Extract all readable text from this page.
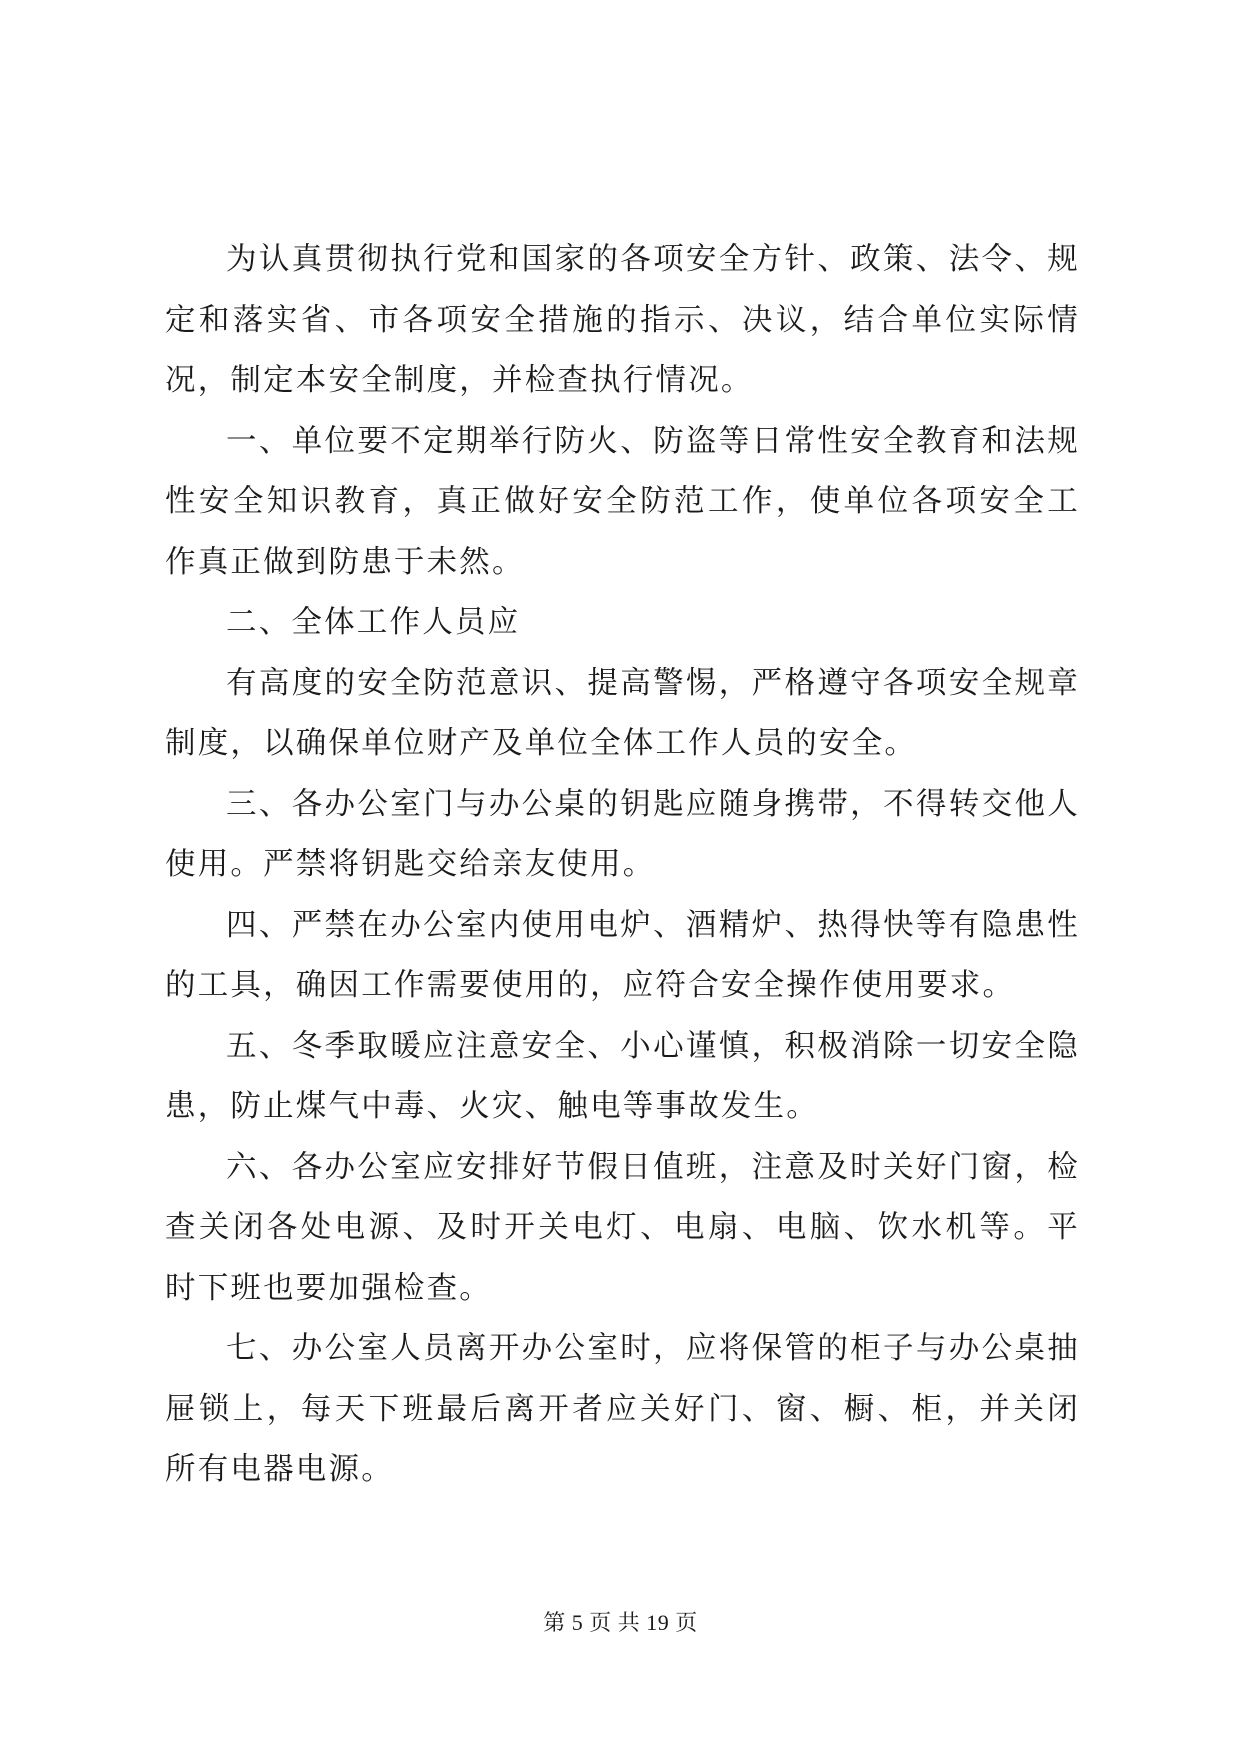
为认真贯彻执行党和国家的各项安全方针、政策、法令、规定和落实省、市各项安全措施的指示、决议，结合单位实际情况，制定本安全制度，并检查执行情况。

一、单位要不定期举行防火、防盗等日常性安全教育和法规性安全知识教育，真正做好安全防范工作，使单位各项安全工作真正做到防患于未然。

二、全体工作人员应

有高度的安全防范意识、提高警惕，严格遵守各项安全规章制度，以确保单位财产及单位全体工作人员的安全。

三、各办公室门与办公桌的钥匙应随身携带，不得转交他人使用。严禁将钥匙交给亲友使用。

四、严禁在办公室内使用电炉、酒精炉、热得快等有隐患性的工具，确因工作需要使用的，应符合安全操作使用要求。

五、冬季取暖应注意安全、小心谨慎，积极消除一切安全隐患，防止煤气中毒、火灾、触电等事故发生。

六、各办公室应安排好节假日值班，注意及时关好门窗，检查关闭各处电源、及时开关电灯、电扇、电脑、饮水机等。平时下班也要加强检查。

七、办公室人员离开办公室时，应将保管的柜子与办公桌抽屉锁上，每天下班最后离开者应关好门、窗、橱、柜，并关闭所有电器电源。

第 5 页 共 19 页
